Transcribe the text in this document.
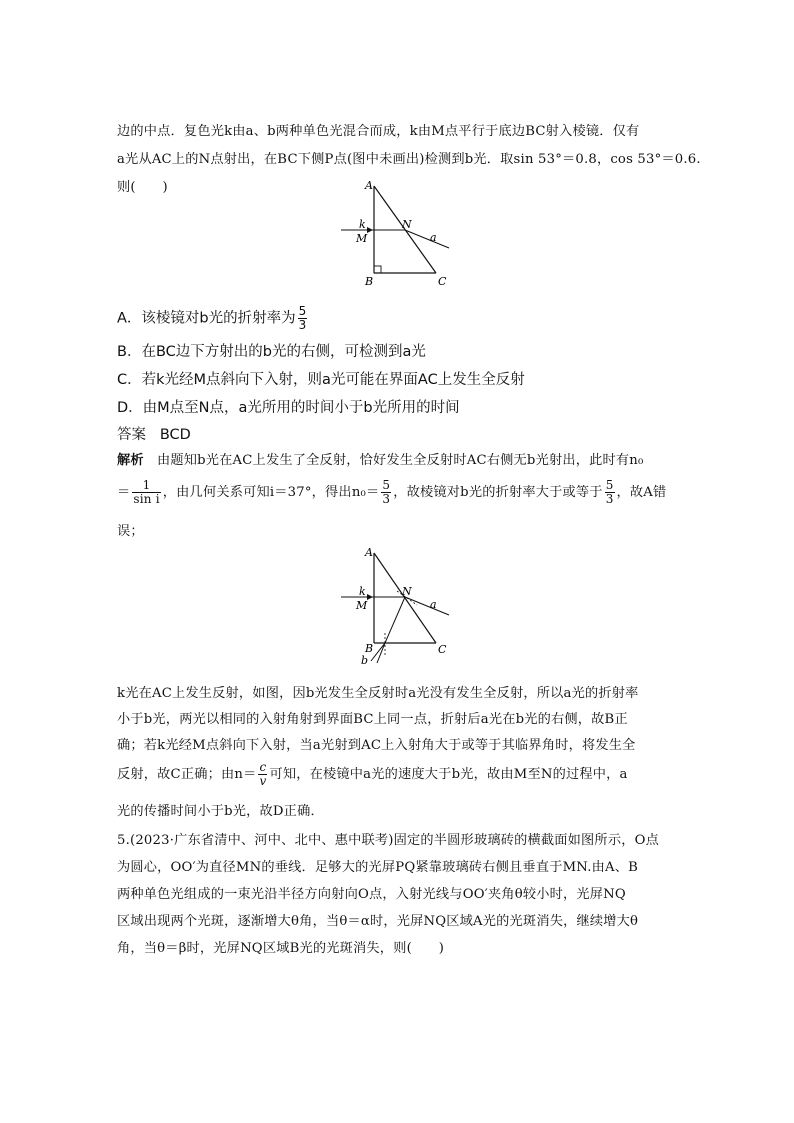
边的中点．复色光k由a、b两种单色光混合而成，k由M点平行于底边BC射入棱镜．仅有
a光从AC上的N点射出，在BC下侧P点(图中未画出)检测到b光．取sin 53°＝0.8，cos 53°＝0.6.
则(　　)	A
B	C
M
N
k
a
A．该棱镜对b光的折射率为 $\frac{5}{3}$
B．在BC边下方射出的b光的右侧，可检测到a光
C．若k光经M点斜向下入射，则a光可能在界面AC上发生全反射
D．由M点至N点，a光所用的时间小于b光所用的时间
答案 BCD
解析 由题知b光在AC上发生了全反射，恰好发生全反射时AC右侧无b光射出，此时有n₀
＝ $\frac{1}{\text{sin i}}$ ，由几何关系可知i＝37°，得出$n_0= \frac{5}{3}$ ，故棱镜对b光的折射率大于或等于 $\frac{5}{3}$ ，故A错
误；
A
B	C
M
N
k
a
b
k光在AC上发生反射，如图，因b光发生全反射时a光没有发生全反射，所以a光的折射率
小于b光，两光以相同的入射角射到界面BC上同一点，折射后a光在b光的右侧，故B正
确；若k光经M点斜向下入射，当a光射到AC上入射角大于或等于其临界角时，将发生全
反射，故C正确；由$n= \frac{c}{v}$ 可知，在棱镜中a光的速度大于b光，故由M至N的过程中，a
光的传播时间小于b光，故D正确．
5.(2023·广东省清中、河中、北中、惠中联考)固定的半圆形玻璃砖的横截面如图所示，O点
为圆心，OO′为直径MN的垂线．足够大的光屏PQ紧靠玻璃砖右侧且垂直于MN.由A、B
两种单色光组成的一束光沿半径方向射向O点，入射光线与OO′夹角θ较小时，光屏NQ
区域出现两个光斑，逐渐增大θ角，当θ＝α时，光屏NQ区域A光的光斑消失，继续增大θ
角，当θ＝β时，光屏NQ区域B光的光斑消失，则(　　)
